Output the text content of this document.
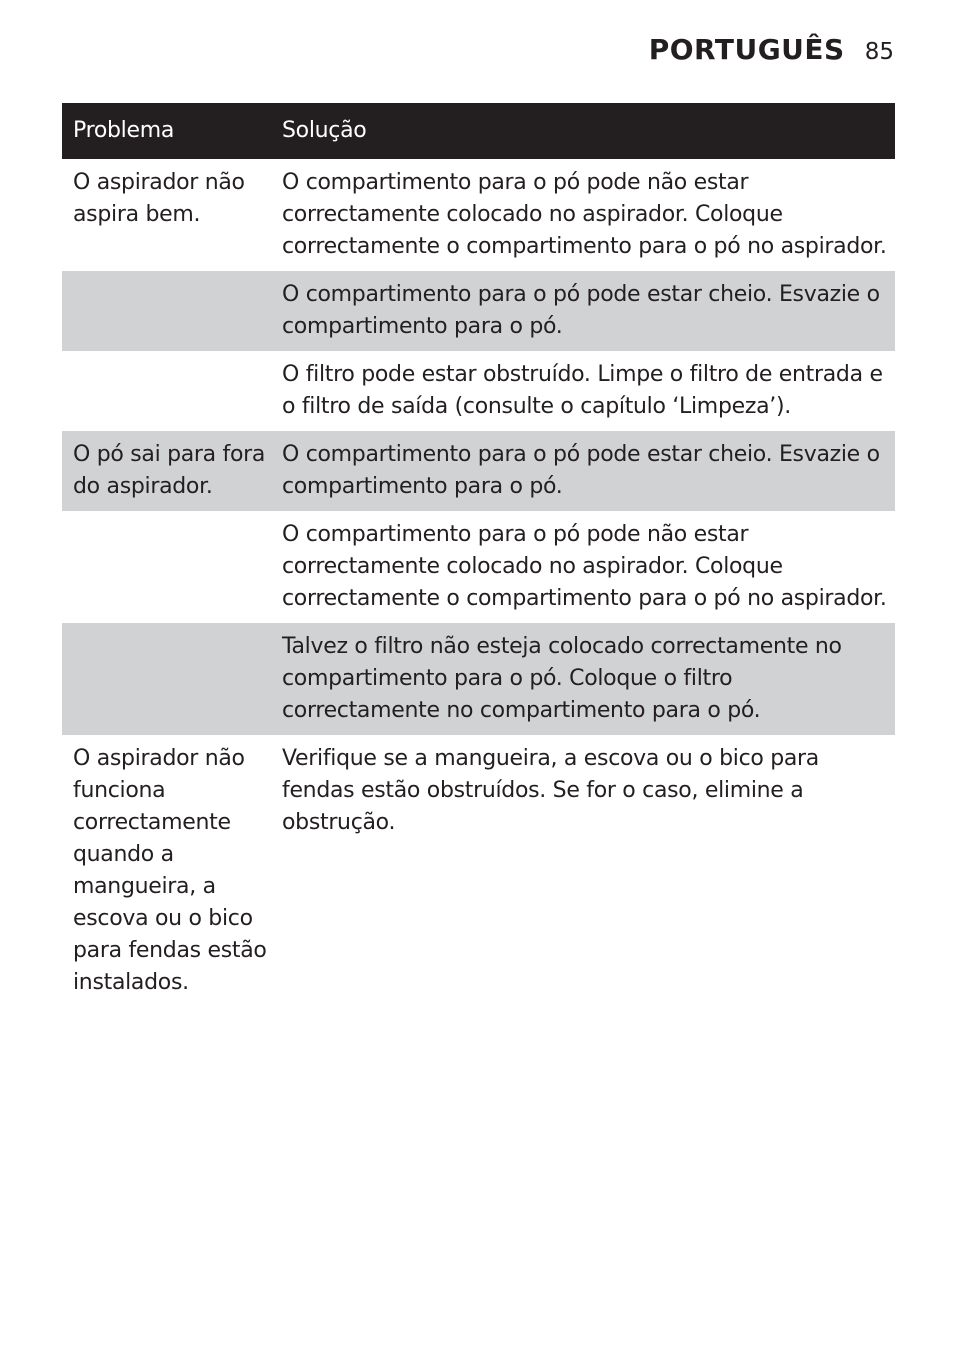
PORTUGUÊS 85
Problema	Solução
O aspirador não aspira bem.	O compartimento para o pó pode não estar correctamente colocado no aspirador. Coloque correctamente o compartimento para o pó no aspirador.
	O compartimento para o pó pode estar cheio. Esvazie o compartimento para o pó.
	O filtro pode estar obstruído. Limpe o filtro de entrada e o filtro de saída (consulte o capítulo ‘Limpeza’).
O pó sai para fora do aspirador.	O compartimento para o pó pode estar cheio. Esvazie o compartimento para o pó.
	O compartimento para o pó pode não estar correctamente colocado no aspirador. Coloque correctamente o compartimento para o pó no aspirador.
	Talvez o filtro não esteja colocado correctamente no compartimento para o pó. Coloque o filtro correctamente no compartimento para o pó.
O aspirador não funciona correctamente quando a mangueira, a escova ou o bico para fendas estão instalados.	Verifique se a mangueira, a escova ou o bico para fendas estão obstruídos. Se for o caso, elimine a obstrução.
